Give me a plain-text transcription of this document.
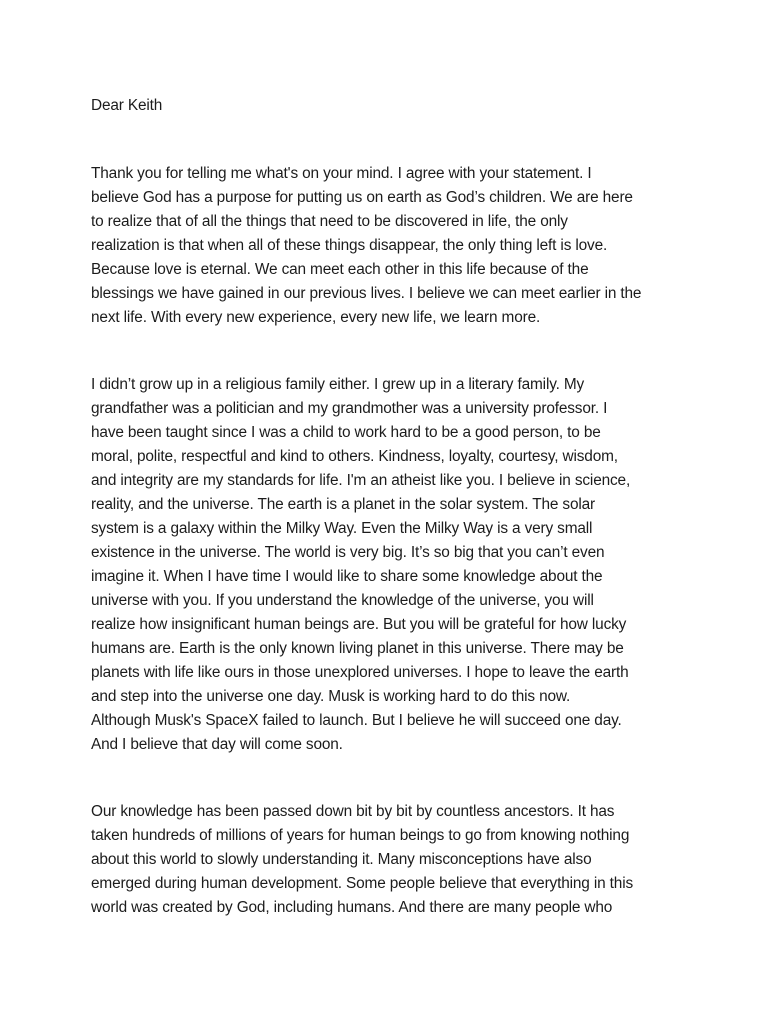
Dear Keith
Thank you for telling me what's on your mind. I agree with your statement. I
believe God has a purpose for putting us on earth as God’s children. We are here
to realize that of all the things that need to be discovered in life, the only
realization is that when all of these things disappear, the only thing left is love.
Because love is eternal. We can meet each other in this life because of the
blessings we have gained in our previous lives. I believe we can meet earlier in the
next life. With every new experience, every new life, we learn more.
I didn’t grow up in a religious family either. I grew up in a literary family. My
grandfather was a politician and my grandmother was a university professor. I
have been taught since I was a child to work hard to be a good person, to be
moral, polite, respectful and kind to others. Kindness, loyalty, courtesy, wisdom,
and integrity are my standards for life. I'm an atheist like you. I believe in science,
reality, and the universe. The earth is a planet in the solar system. The solar
system is a galaxy within the Milky Way. Even the Milky Way is a very small
existence in the universe. The world is very big. It’s so big that you can’t even
imagine it. When I have time I would like to share some knowledge about the
universe with you. If you understand the knowledge of the universe, you will
realize how insignificant human beings are. But you will be grateful for how lucky
humans are. Earth is the only known living planet in this universe. There may be
planets with life like ours in those unexplored universes. I hope to leave the earth
and step into the universe one day. Musk is working hard to do this now.
Although Musk's SpaceX failed to launch. But I believe he will succeed one day.
And I believe that day will come soon.
Our knowledge has been passed down bit by bit by countless ancestors. It has
taken hundreds of millions of years for human beings to go from knowing nothing
about this world to slowly understanding it. Many misconceptions have also
emerged during human development. Some people believe that everything in this
world was created by God, including humans. And there are many people who
